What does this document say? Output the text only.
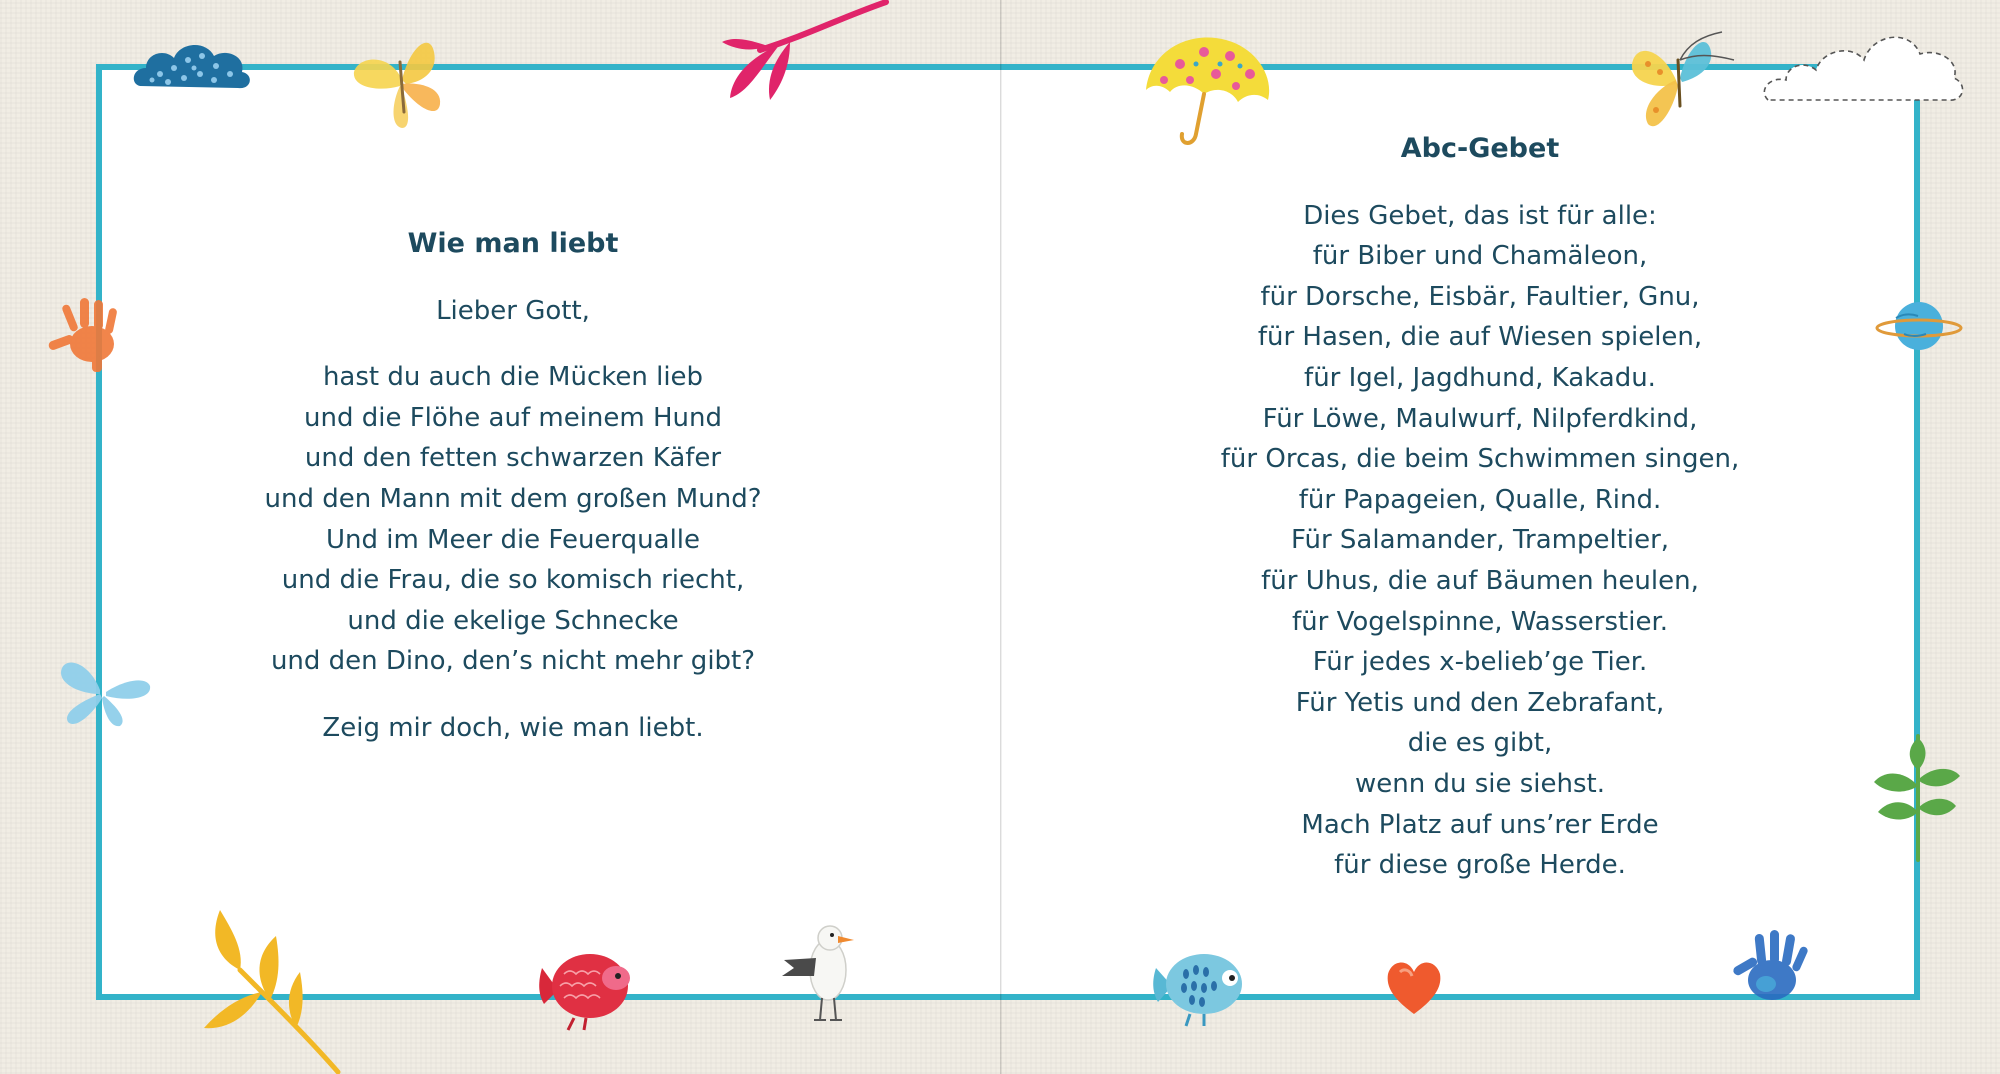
Wie man liebt
Lieber Gott,
hast du auch die Mücken lieb
und die Flöhe auf meinem Hund
und den fetten schwarzen Käfer
und den Mann mit dem großen Mund?
Und im Meer die Feuerqualle
und die Frau, die so komisch riecht,
und die ekelige Schnecke
und den Dino, den’s nicht mehr gibt?
Zeig mir doch, wie man liebt.
Abc-Gebet
Dies Gebet, das ist für alle:
für Biber und Chamäleon,
für Dorsche, Eisbär, Faultier, Gnu,
für Hasen, die auf Wiesen spielen,
für Igel, Jagdhund, Kakadu.
Für Löwe, Maulwurf, Nilpferdkind,
für Orcas, die beim Schwimmen singen,
für Papageien, Qualle, Rind.
Für Salamander, Trampeltier,
für Uhus, die auf Bäumen heulen,
für Vogelspinne, Wasserstier.
Für jedes x-belieb’ge Tier.
Für Yetis und den Zebrafant,
die es gibt,
wenn du sie siehst.
Mach Platz auf uns’rer Erde
für diese große Herde.
